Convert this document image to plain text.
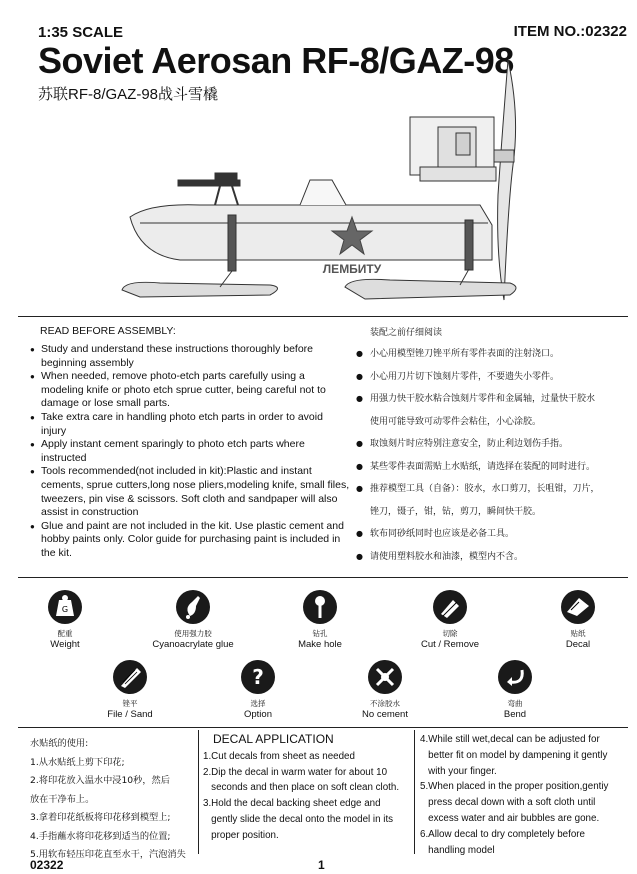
1:35 SCALE	ITEM NO.:02322
Soviet Aerosan RF-8/GAZ-98
苏联RF-8/GAZ-98战斗雪橇
ЛЕМБИТУ
READ BEFORE ASSEMBLY:
● Study and understand these instructions thoroughly before beginning assembly
● When needed, remove photo-etch parts carefully using a modeling knife or photo etch sprue cutter, being careful not to damage or lose small parts.
● Take extra care in handling photo etch parts in order to avoid injury
● Apply instant cement sparingly to photo etch parts where instructed
● Tools recommended(not included in kit):Plastic and instant cements, sprue cutters,long nose pliers,modeling knife, small files, tweezers, pin vise & scissors. Soft cloth and sandpaper will also assist in construction
● Glue and paint are not included in the kit. Use plastic cement and hobby paints only. Color guide for purchasing paint is included in the kit.
装配之前仔细阅读
● 小心用模型锉刀锉平所有零件表面的注射浇口。
● 小心用刀片切下蚀刻片零件，不要遗失小零件。
● 用强力快干胶水粘合蚀刻片零件和金属轴，过量快干胶水
使用可能导致可动零件会粘住，小心涂胶。
● 取蚀刻片时应特别注意安全，防止利边划伤手指。
● 某些零件表面需贴上水贴纸，请选择在装配的同时进行。
● 推荐模型工具（自备）：胶水，水口剪刀，长咀钳，刀片，
锉刀，镊子，钳，钻，剪刀，瞬间快干胶。
● 软布同砂纸同时也应该是必备工具。
● 请使用塑料胶水和油漆，模型内不含。
G
配重
Weight
使用强力胶
Cyanoacrylate glue
钻孔
Make hole
切除
Cut / Remove
贴纸
Decal
锉平
File / Sand
?
选择
Option
不涂胶水
No cement
弯曲
Bend
水贴纸的使用:
1.从水贴纸上剪下印花;
2.将印花放入温水中浸10秒，然后
放在干净布上。
3.拿着印花纸板将印花移到模型上;
4.手指蘸水将印花移到适当的位置;
5.用软布轻压印花直至水干，汽泡消失
DECAL APPLICATION
1.Cut decals from sheet as needed
2.Dip the decal in warm water for about 10
seconds and then place on soft clean cloth.
3.Hold the decal backing sheet edge and
gently slide the decal onto the model in its
proper position.
4.While still wet,decal can be adjusted for
better fit on model by dampening it gently
with your finger.
5.When placed in the proper position,gentiy
press decal down with a soft cloth until
excess water and air bubbles are gone.
6.Allow decal to dry completely before
handling model
02322	1
